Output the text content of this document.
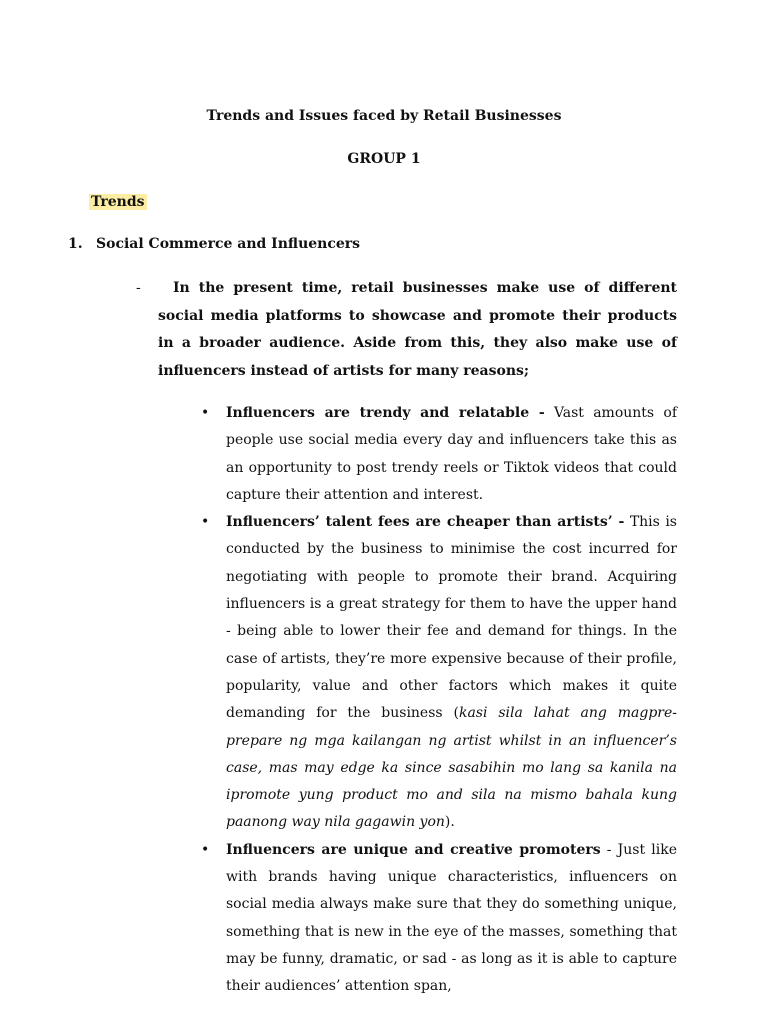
Trends and Issues faced by Retail Businesses
GROUP 1
Trends
1. Social Commerce and Influencers
-	In the present time, retail businesses make use of different social media platforms to showcase and promote their products in a broader audience. Aside from this, they also make use of influencers instead of artists for many reasons;

• Influencers are trendy and relatable - Vast amounts of people use social media every day and influencers take this as an opportunity to post trendy reels or Tiktok videos that could capture their attention and interest.
• Influencers’ talent fees are cheaper than artists’ - This is conducted by the business to minimise the cost incurred for negotiating with people to promote their brand. Acquiring influencers is a great strategy for them to have the upper hand - being able to lower their fee and demand for things. In the case of artists, they’re more expensive because of their profile, popularity, value and other factors which makes it quite demanding for the business (kasi sila lahat ang magpre-prepare ng mga kailangan ng artist whilst in an influencer’s case, mas may edge ka since sasabihin mo lang sa kanila na ipromote yung product mo and sila na mismo bahala kung paanong way nila gagawin yon).
• Influencers are unique and creative promoters - Just like with brands having unique characteristics, influencers on social media always make sure that they do something unique, something that is new in the eye of the masses, something that may be funny, dramatic, or sad - as long as it is able to capture their audiences’ attention span,
